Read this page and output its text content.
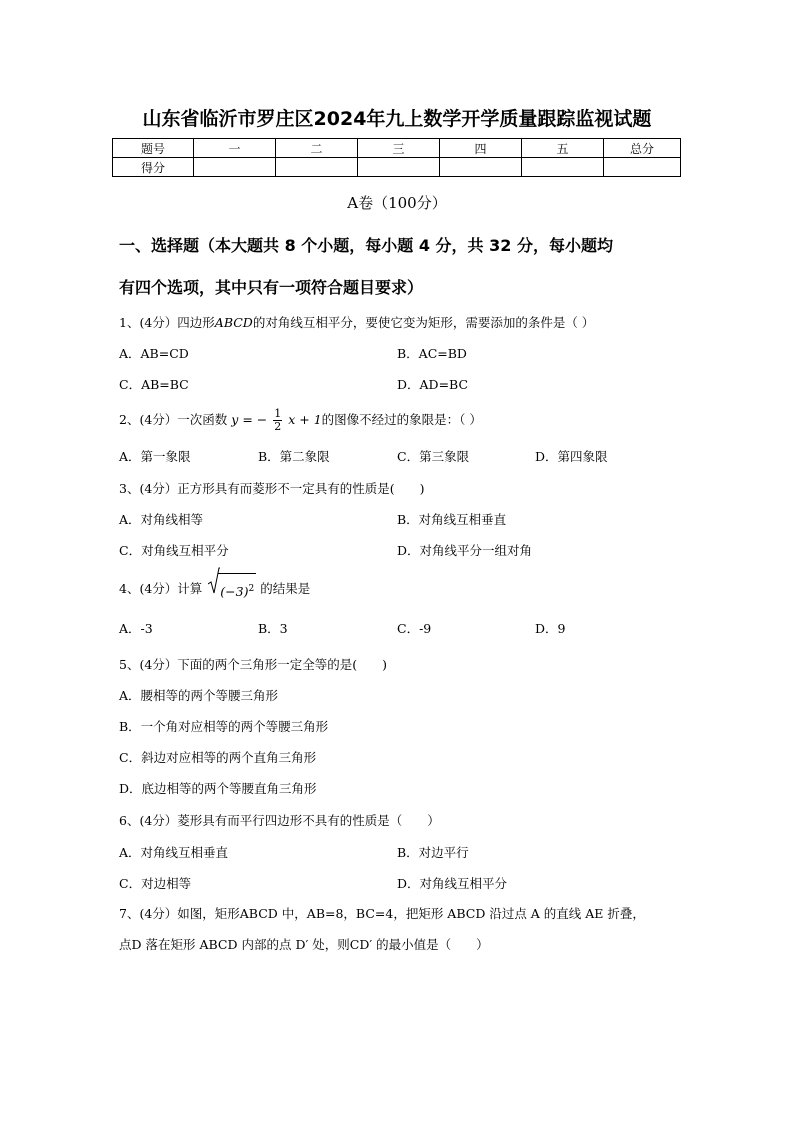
山东省临沂市罗庄区2024年九上数学开学质量跟踪监视试题
题号	一	二	三	四	五	总分
得分						
A卷（100分）
一、选择题（本大题共 8 个小题，每小题 4 分，共 32 分，每小题均
有四个选项，其中只有一项符合题目要求）
1、(4分）四边形ABCD的对角线互相平分，要使它变为矩形，需要添加的条件是（ ）
A．AB=CD	B．AC=BD
C．AB=BC	D．AD=BC
2、(4分）一次函数 y = − $\frac{1}{2}$ x + 1的图像不经过的象限是：（ ）
A．第一象限	B．第二象限	C．第三象限	D．第四象限
3、(4分）正方形具有而菱形不一定具有的性质是(　　)
A．对角线相等	B．对角线互相垂直
C．对角线互相平分	D．对角线平分一组对角
4、(4分）计算 $(-3)^2$ 的结果是
A．-3	B．3	C．-9	D．9
5、(4分）下面的两个三角形一定全等的是(　　)
A．腰相等的两个等腰三角形
B．一个角对应相等的两个等腰三角形
C．斜边对应相等的两个直角三角形
D．底边相等的两个等腰直角三角形
6、(4分）菱形具有而平行四边形不具有的性质是（　　）
A．对角线互相垂直	B．对边平行
C．对边相等	D．对角线互相平分
7、(4分）如图，矩形ABCD 中，AB=8，BC=4，把矩形 ABCD 沿过点 A 的直线 AE 折叠，
点D 落在矩形 ABCD 内部的点 D′ 处，则CD′ 的最小值是（　　）
